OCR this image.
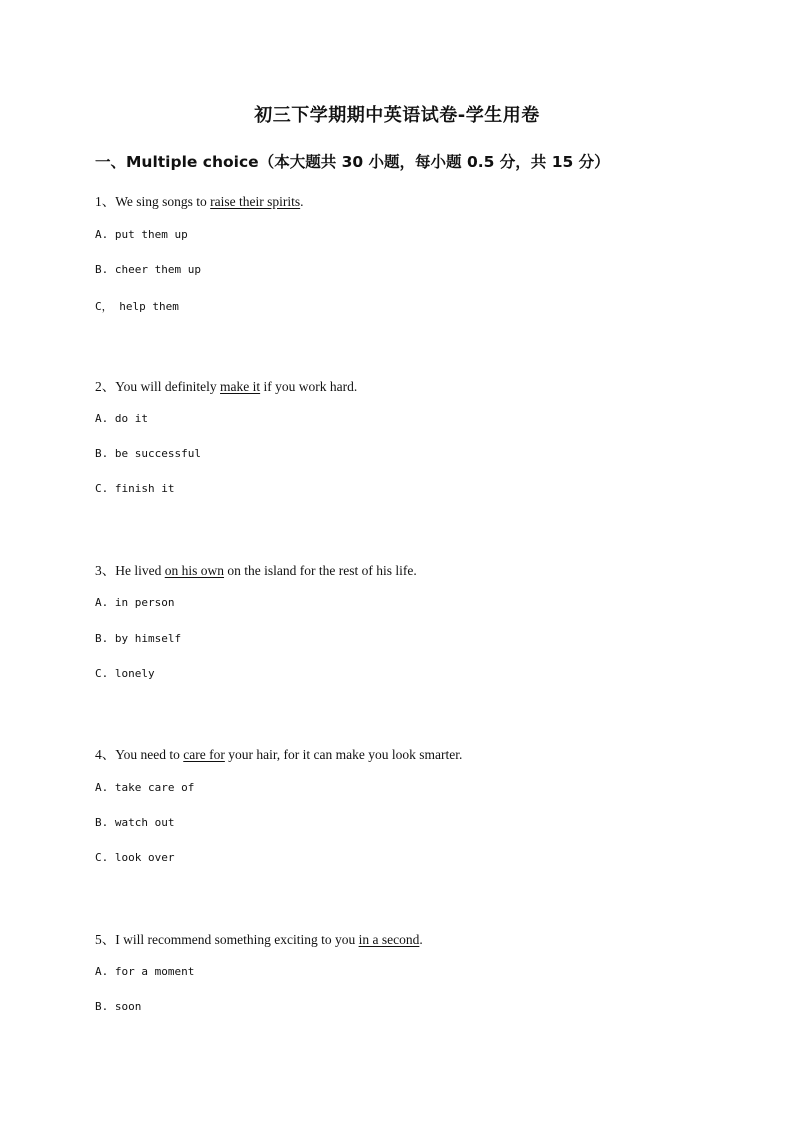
初三下学期期中英语试卷-学生用卷
一、Multiple choice（本大题共 30 小题，每小题 0.5 分，共 15 分）
1、We sing songs to raise their spirits.
A. put them up
B. cheer them up
C， help them
2、You will definitely make it if you work hard.
A. do it
B. be successful
C. finish it
3、He lived on his own on the island for the rest of his life.
A. in person
B. by himself
C. lonely
4、You need to care for your hair, for it can make you look smarter.
A. take care of
B. watch out
C. look over
5、I will recommend something exciting to you in a second.
A. for a moment
B. soon
